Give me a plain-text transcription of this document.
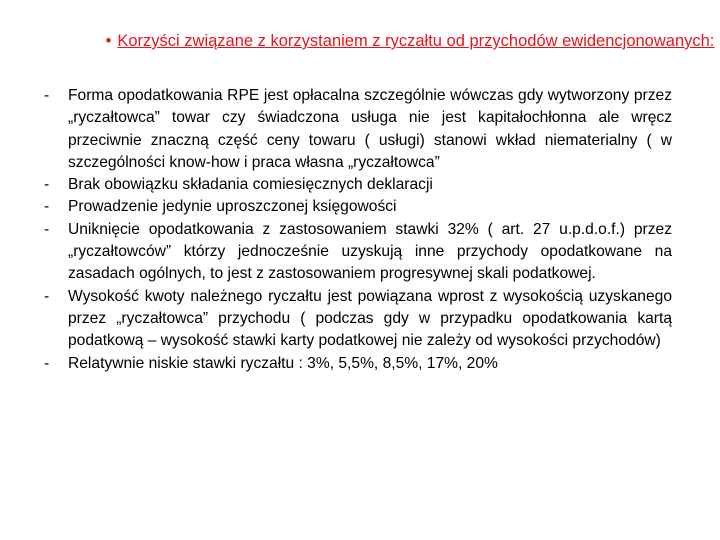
• Korzyści związane z korzystaniem z ryczałtu od przychodów ewidencjonowanych:

-	Forma opodatkowania RPE jest opłacalna szczególnie wówczas gdy wytworzony przez „ryczałtowca” towar czy świadczona usługa nie jest kapitałochłonna ale wręcz przeciwnie znaczną część ceny towaru ( usługi) stanowi wkład niematerialny ( w szczególności know-how i praca własna „ryczałtowca”
-	Brak obowiązku składania comiesięcznych deklaracji
-	Prowadzenie jedynie uproszczonej księgowości
-	Uniknięcie opodatkowania z zastosowaniem stawki 32% ( art. 27 u.p.d.o.f.) przez „ryczałtowców” którzy jednocześnie uzyskują inne przychody opodatkowane na zasadach ogólnych, to jest z zastosowaniem progresywnej skali podatkowej.
-	Wysokość kwoty należnego ryczałtu jest powiązana wprost z wysokością uzyskanego przez „ryczałtowca” przychodu ( podczas gdy w przypadku opodatkowania kartą podatkową – wysokość stawki karty podatkowej nie zależy od wysokości przychodów)
-	Relatywnie niskie stawki ryczałtu : 3%, 5,5%, 8,5%, 17%, 20%
